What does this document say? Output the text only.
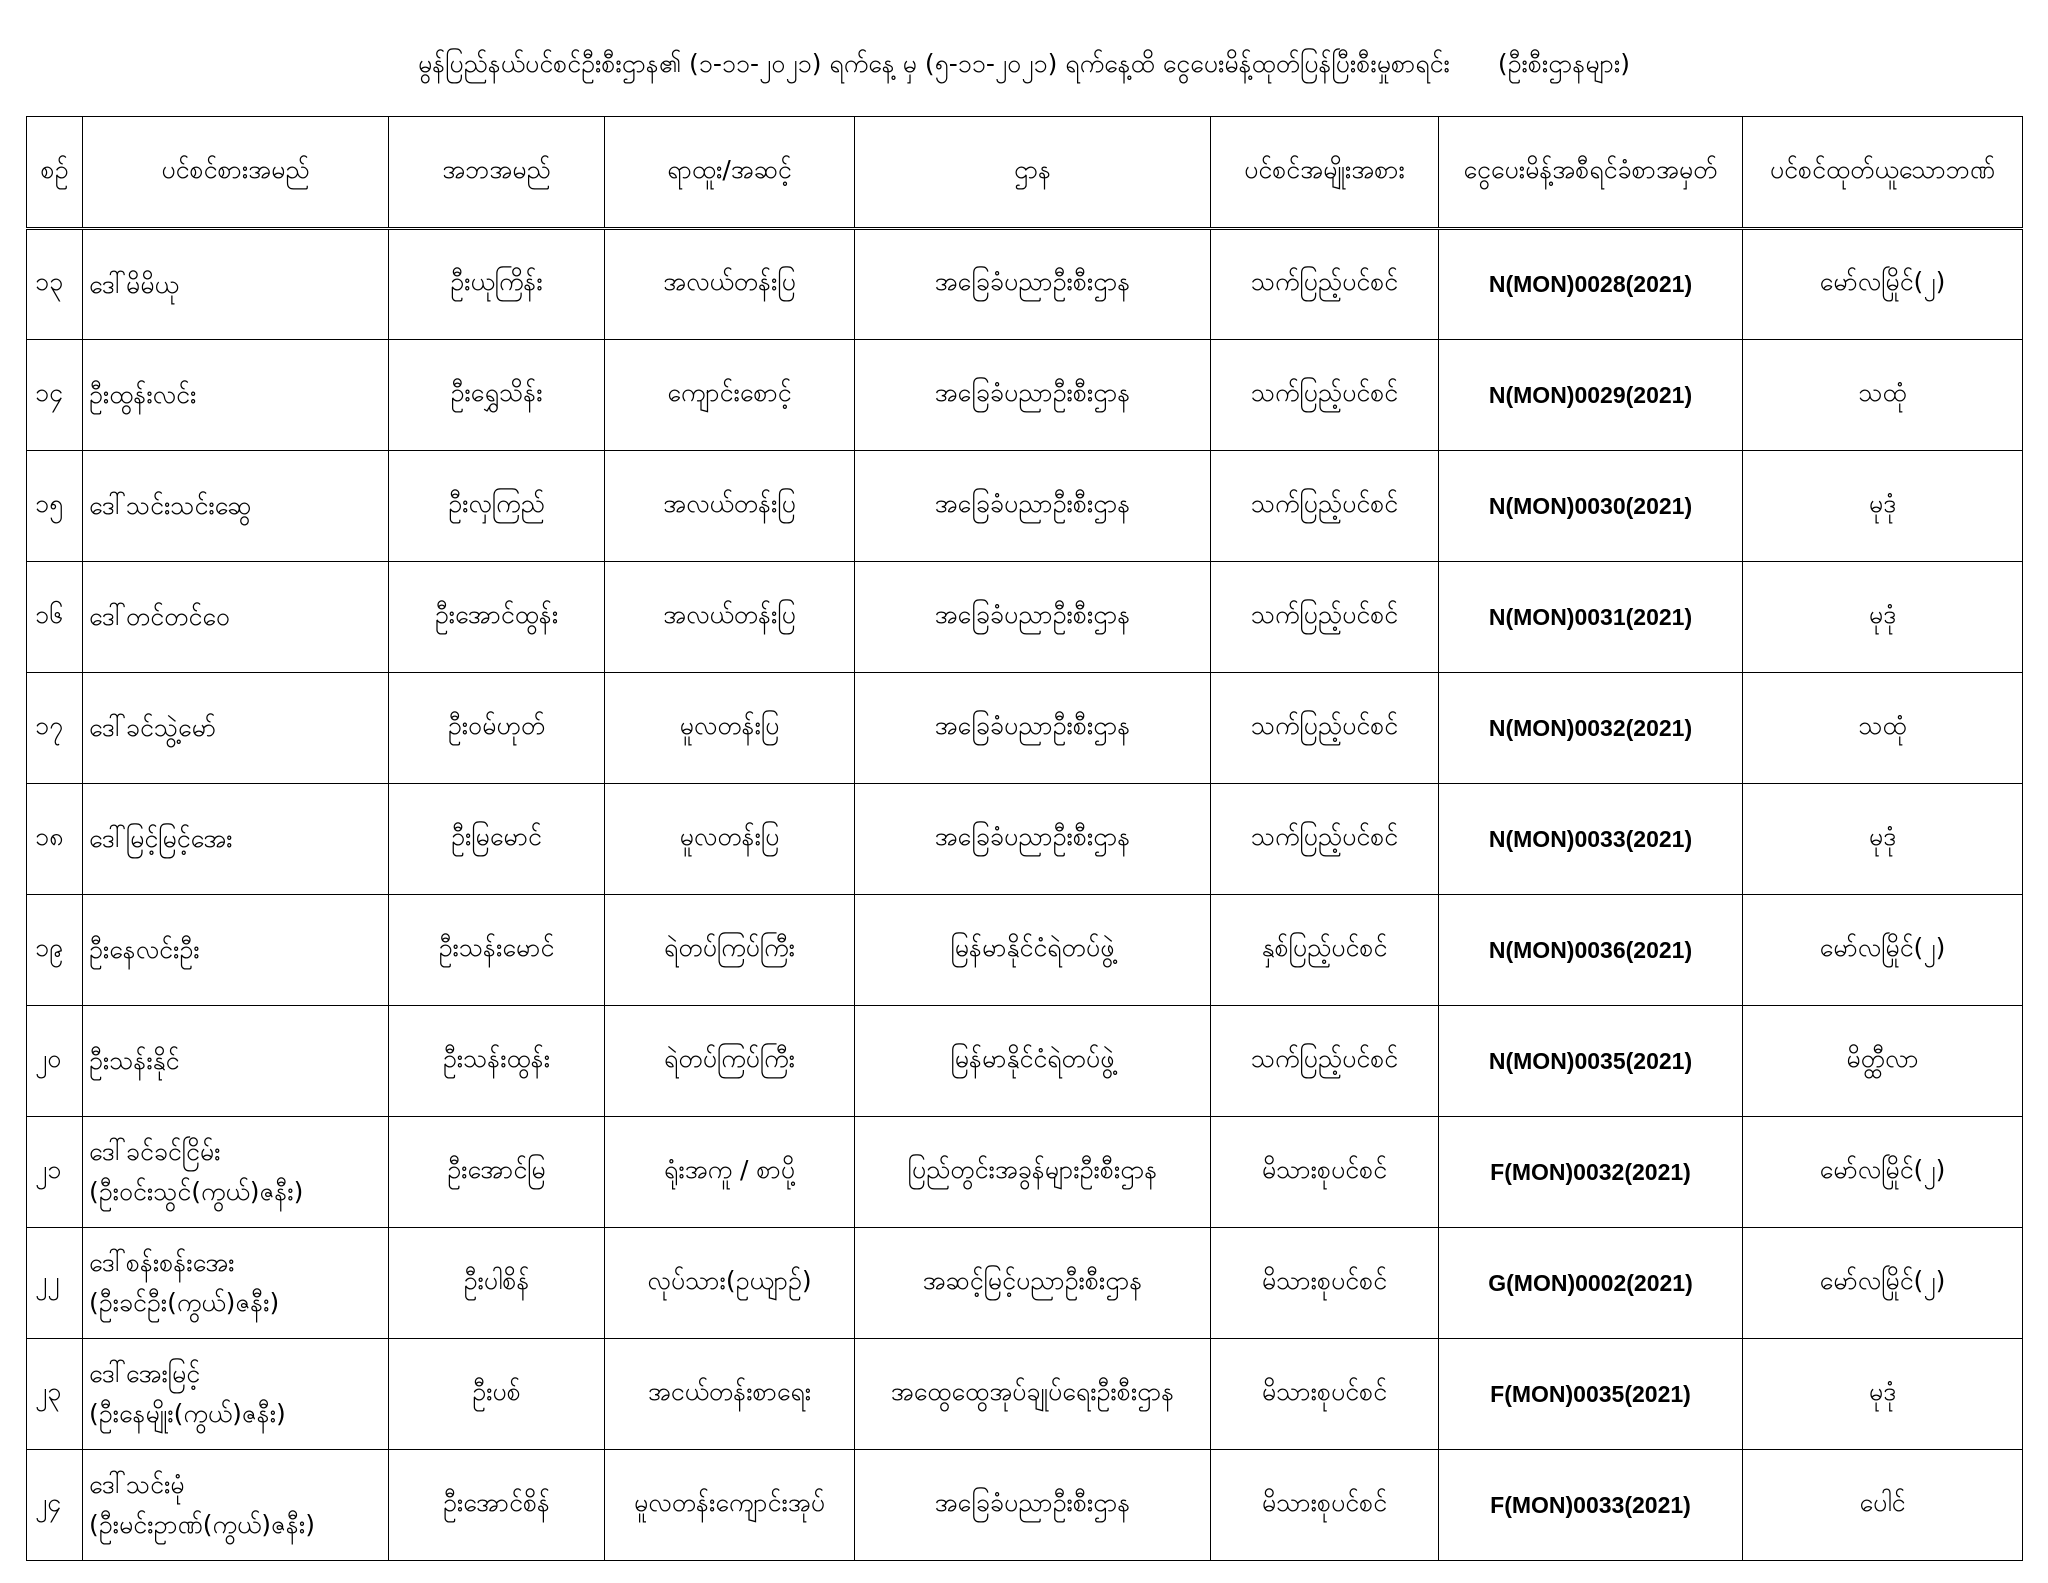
မွန်ပြည်နယ်ပင်စင်ဦးစီးဌာန၏ (၁-၁၁-၂၀၂၁) ရက်နေ့ မှ (၅-၁၁-၂၀၂၁) ရက်နေ့ထိ ငွေပေးမိန့်ထုတ်ပြန်ပြီးစီးမှုစာရင်း (ဦးစီးဌာနများ)
စဉ်	ပင်စင်စားအမည်	အဘအမည်	ရာထူး/အဆင့်	ဌာန	ပင်စင်အမျိုးအစား	ငွေပေးမိန့်အစီရင်ခံစာအမှတ်	ပင်စင်ထုတ်ယူသောဘဏ်
၁၃	ဒေါ်မိမိယု	ဦးယုကြိန်း	အလယ်တန်းပြ	အခြေခံပညာဦးစီးဌာန	သက်ပြည့်ပင်စင်	N(MON)0028(2021)	မော်လမြိုင်(၂)
၁၄	ဦးထွန်းလင်း	ဦးရွှေသိန်း	ကျောင်းစောင့်	အခြေခံပညာဦးစီးဌာန	သက်ပြည့်ပင်စင်	N(MON)0029(2021)	သထုံ
၁၅	ဒေါ်သင်းသင်းဆွေ	ဦးလှကြည်	အလယ်တန်းပြ	အခြေခံပညာဦးစီးဌာန	သက်ပြည့်ပင်စင်	N(MON)0030(2021)	မုဒုံ
၁၆	ဒေါ်တင်တင်ဝေ	ဦးအောင်ထွန်း	အလယ်တန်းပြ	အခြေခံပညာဦးစီးဌာန	သက်ပြည့်ပင်စင်	N(MON)0031(2021)	မုဒုံ
၁၇	ဒေါ်ခင်သွဲ့မော်	ဦးဝမ်ဟုတ်	မူလတန်းပြ	အခြေခံပညာဦးစီးဌာန	သက်ပြည့်ပင်စင်	N(MON)0032(2021)	သထုံ
၁၈	ဒေါ်မြင့်မြင့်အေး	ဦးမြမောင်	မူလတန်းပြ	အခြေခံပညာဦးစီးဌာန	သက်ပြည့်ပင်စင်	N(MON)0033(2021)	မုဒုံ
၁၉	ဦးနေလင်းဦး	ဦးသန်းမောင်	ရဲတပ်ကြပ်ကြီး	မြန်မာနိုင်ငံရဲတပ်ဖွဲ့	နှစ်ပြည့်ပင်စင်	N(MON)0036(2021)	မော်လမြိုင်(၂)
၂၀	ဦးသန်းနိုင်	ဦးသန်းထွန်း	ရဲတပ်ကြပ်ကြီး	မြန်မာနိုင်ငံရဲတပ်ဖွဲ့	သက်ပြည့်ပင်စင်	N(MON)0035(2021)	မိတ္ထီလာ
၂၁	ဒေါ်ခင်ခင်ငြိမ်း
(ဦးဝင်းသွင်(ကွယ်)ဇနီး)	ဦးအောင်မြ	ရုံးအကူ / စာပို့	ပြည်တွင်းအခွန်များဦးစီးဌာန	မိသားစုပင်စင်	F(MON)0032(2021)	မော်လမြိုင်(၂)
၂၂	ဒေါ်စန်းစန်းအေး
(ဦးခင်ဦး(ကွယ်)ဇနီး)	ဦးပါစိန်	လုပ်သား(ဥယျာဉ်)	အဆင့်မြင့်ပညာဦးစီးဌာန	မိသားစုပင်စင်	G(MON)0002(2021)	မော်လမြိုင်(၂)
၂၃	ဒေါ်အေးမြင့်
(ဦးနေမျိုး(ကွယ်)ဇနီး)	ဦးပစ်	အငယ်တန်းစာရေး	အထွေထွေအုပ်ချုပ်ရေးဦးစီးဌာန	မိသားစုပင်စင်	F(MON)0035(2021)	မုဒုံ
၂၄	ဒေါ်သင်းမုံ
(ဦးမင်းဥာဏ်(ကွယ်)ဇနီး)	ဦးအောင်စိန်	မူလတန်းကျောင်းအုပ်	အခြေခံပညာဦးစီးဌာန	မိသားစုပင်စင်	F(MON)0033(2021)	ပေါင်
